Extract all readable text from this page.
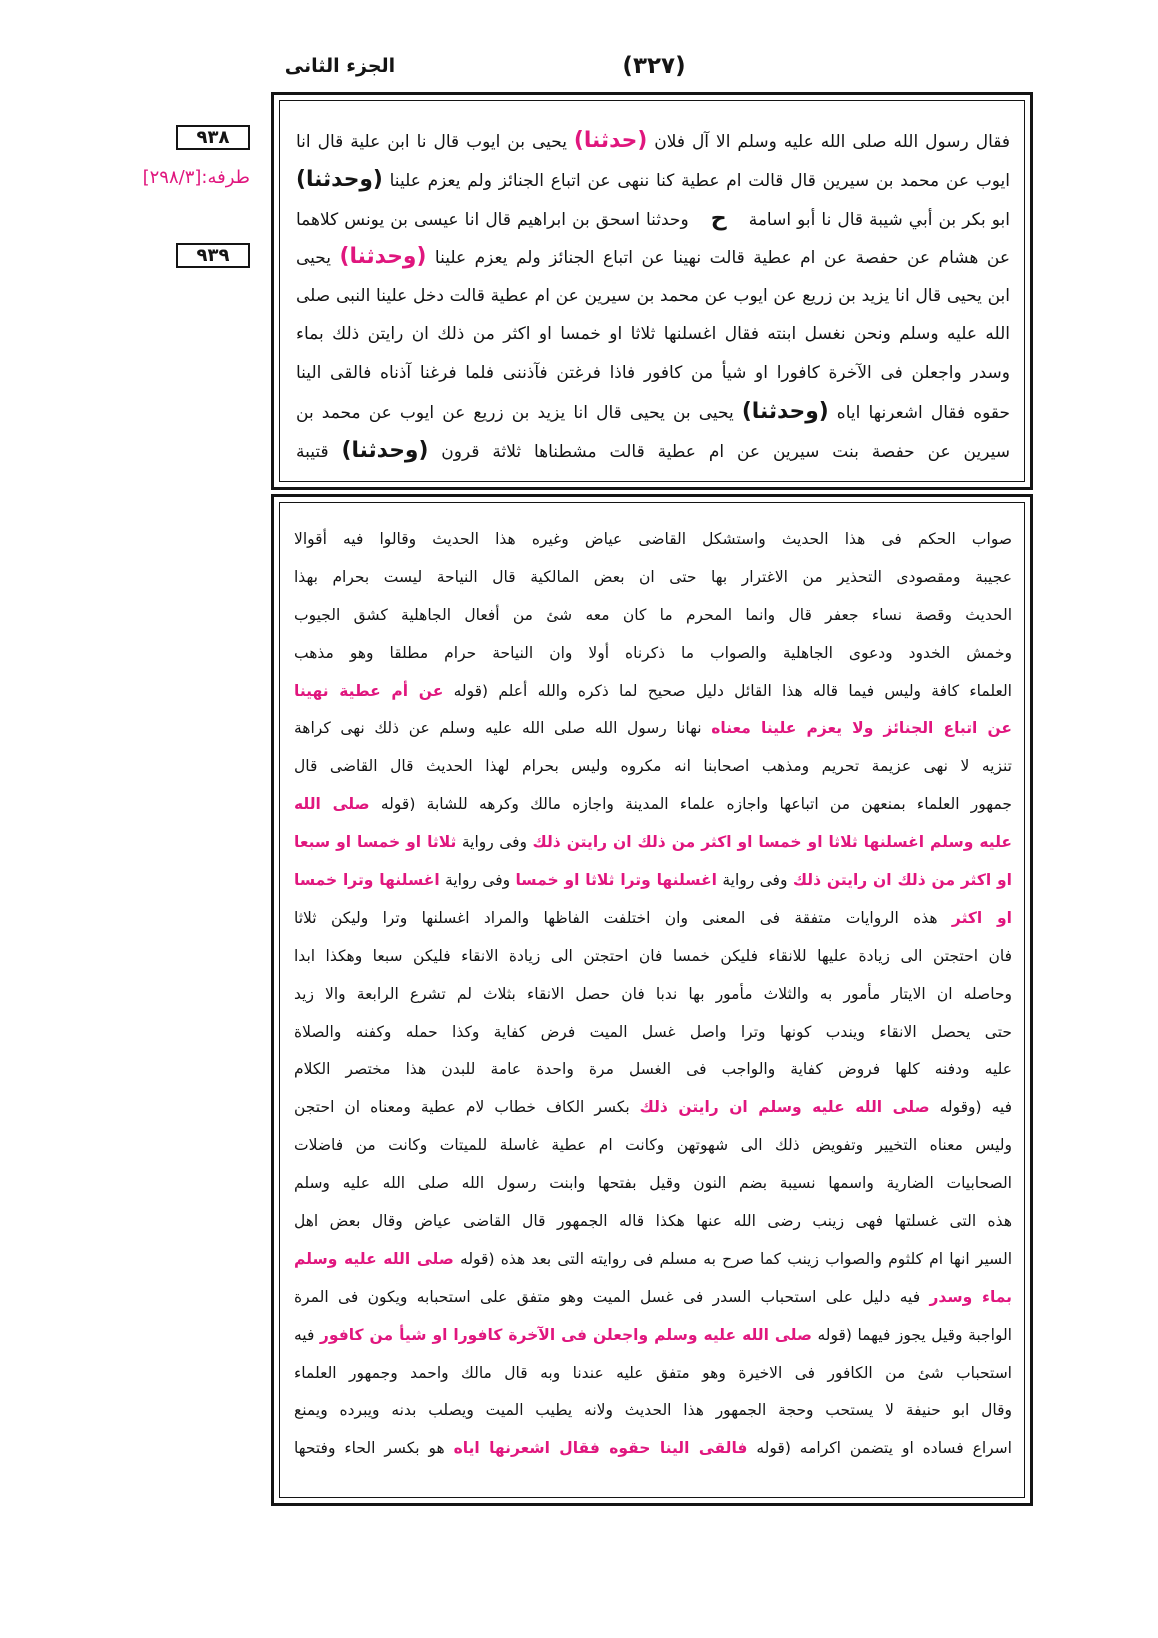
الجزء الثانى	(٣٢٧)
٩٣٨
طرفه:[٢٩٨/٣]
٩٣٩
فقال رسول الله صلى الله عليه وسلم الا آل فلان (حدثنا) يحيى بن ايوب قال نا ابن علية قال انا
ايوب عن محمد بن سيرين قال قالت ام عطية كنا ننهى عن اتباع الجنائز ولم يعزم علينا (وحدثنا)
ابو بكر بن أبي شيبة قال نا أبو اسامة ح وحدثنا اسحق بن ابراهيم قال انا عيسى بن يونس كلاهما
عن هشام عن حفصة عن ام عطية قالت نهينا عن اتباع الجنائز ولم يعزم علينا (وحدثنا) يحيى
ابن يحيى قال انا يزيد بن زريع عن ايوب عن محمد بن سيرين عن ام عطية قالت دخل علينا النبى صلى
الله عليه وسلم ونحن نغسل ابنته فقال اغسلنها ثلاثا او خمسا او اكثر من ذلك ان رايتن ذلك بماء
وسدر واجعلن فى الآخرة كافورا او شيأ من كافور فاذا فرغتن فآذننى فلما فرغنا آذناه فالقى الينا
حقوه فقال اشعرنها اياه (وحدثنا) يحيى بن يحيى قال انا يزيد بن زريع عن ايوب عن محمد بن
سيرين عن حفصة بنت سيرين عن ام عطية قالت مشطناها ثلاثة قرون (وحدثنا) قتيبة
صواب الحكم فى هذا الحديث واستشكل القاضى عياض وغيره هذا الحديث وقالوا فيه أقوالا
عجيبة ومقصودى التحذير من الاغترار بها حتى ان بعض المالكية قال النياحة ليست بحرام بهذا
الحديث وقصة نساء جعفر قال وانما المحرم ما كان معه شئ من أفعال الجاهلية كشق الجيوب
وخمش الخدود ودعوى الجاهلية والصواب ما ذكرناه أولا وان النياحة حرام مطلقا وهو مذهب
العلماء كافة وليس فيما قاله هذا القائل دليل صحيح لما ذكره والله أعلم (قوله عن أم عطية نهينا
عن اتباع الجنائز ولا يعزم علينا معناه نهانا رسول الله صلى الله عليه وسلم عن ذلك نهى كراهة
تنزيه لا نهى عزيمة تحريم ومذهب اصحابنا انه مكروه وليس بحرام لهذا الحديث قال القاضى قال
جمهور العلماء بمنعهن من اتباعها واجازه علماء المدينة واجازه مالك وكرهه للشابة (قوله صلى الله
عليه وسلم اغسلنها ثلاثا او خمسا او اكثر من ذلك ان رايتن ذلك وفى رواية ثلاثا او خمسا او سبعا
او اكثر من ذلك ان رايتن ذلك وفى رواية اغسلنها وترا ثلاثا او خمسا وفى رواية اغسلنها وترا خمسا
او اكثر هذه الروايات متفقة فى المعنى وان اختلفت الفاظها والمراد اغسلنها وترا وليكن ثلاثا
فان احتجتن الى زيادة عليها للانقاء فليكن خمسا فان احتجتن الى زيادة الانقاء فليكن سبعا وهكذا ابدا
وحاصله ان الايتار مأمور به والثلاث مأمور بها ندبا فان حصل الانقاء بثلاث لم تشرع الرابعة والا زيد
حتى يحصل الانقاء ويندب كونها وترا واصل غسل الميت فرض كفاية وكذا حمله وكفنه والصلاة
عليه ودفنه كلها فروض كفاية والواجب فى الغسل مرة واحدة عامة للبدن هذا مختصر الكلام
فيه (وقوله صلى الله عليه وسلم ان رايتن ذلك بكسر الكاف خطاب لام عطية ومعناه ان احتجن
وليس معناه التخيير وتفويض ذلك الى شهوتهن وكانت ام عطية غاسلة للميتات وكانت من فاضلات
الصحابيات الضارية واسمها نسيبة بضم النون وقيل بفتحها وابنت رسول الله صلى الله عليه وسلم
هذه التى غسلتها فهى زينب رضى الله عنها هكذا قاله الجمهور قال القاضى عياض وقال بعض اهل
السير انها ام كلثوم والصواب زينب كما صرح به مسلم فى روايته التى بعد هذه (قوله صلى الله عليه وسلم
بماء وسدر فيه دليل على استحباب السدر فى غسل الميت وهو متفق على استحبابه ويكون فى المرة
الواجبة وقيل يجوز فيهما (قوله صلى الله عليه وسلم واجعلن فى الآخرة كافورا او شيأ من كافور فيه
استحباب شئ من الكافور فى الاخيرة وهو متفق عليه عندنا وبه قال مالك واحمد وجمهور العلماء
وقال ابو حنيفة لا يستحب وحجة الجمهور هذا الحديث ولانه يطيب الميت ويصلب بدنه ويبرده ويمنع
اسراع فساده او يتضمن اكرامه (قوله فالقى الينا حقوه فقال اشعرنها اياه هو بكسر الحاء وفتحها
